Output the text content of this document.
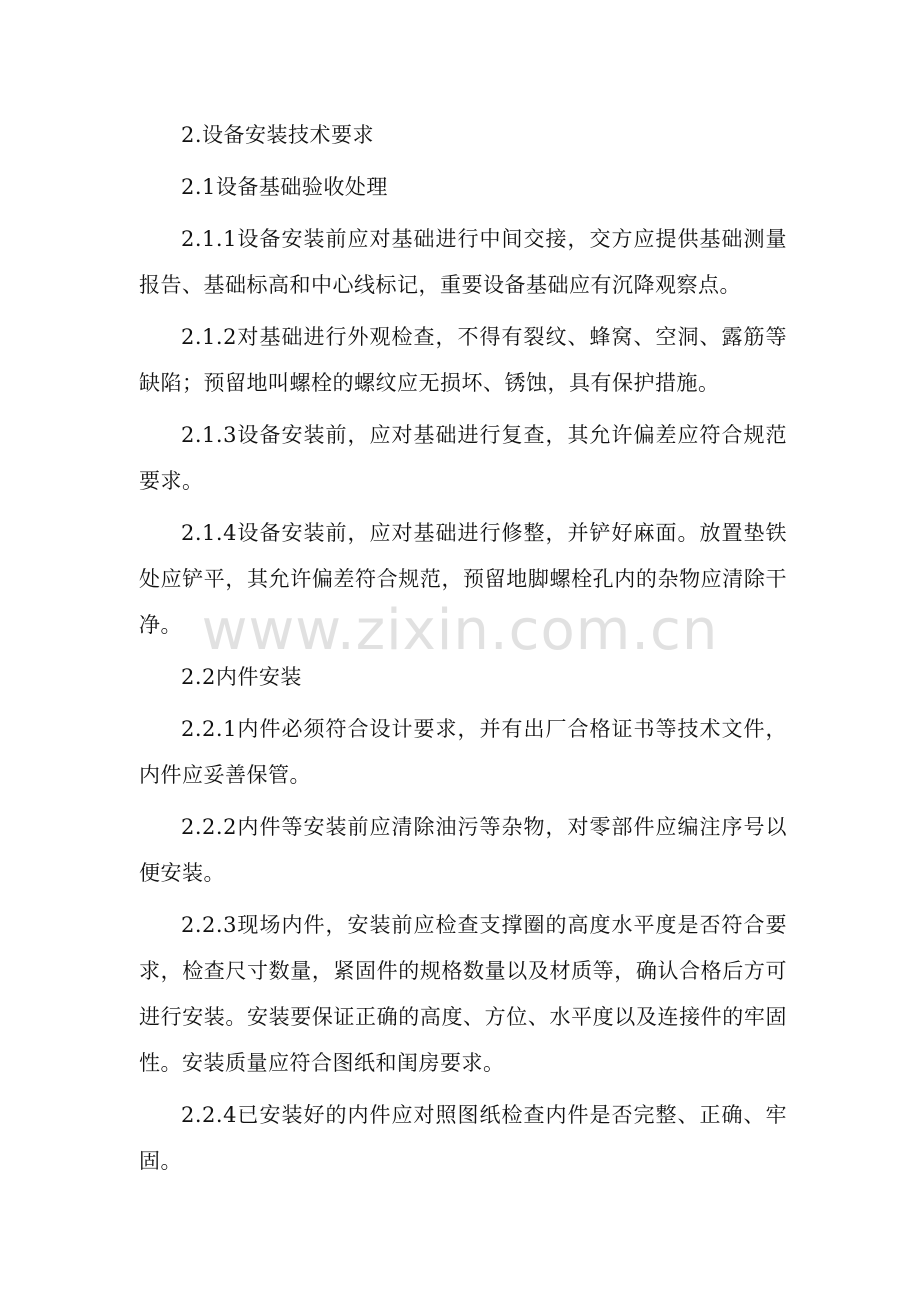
2.设备安装技术要求

2.1设备基础验收处理

2.1.1设备安装前应对基础进行中间交接，交方应提供基础测量报告、基础标高和中心线标记，重要设备基础应有沉降观察点。

2.1.2对基础进行外观检查，不得有裂纹、蜂窝、空洞、露筋等缺陷；预留地叫螺栓的螺纹应无损坏、锈蚀，具有保护措施。

2.1.3设备安装前，应对基础进行复查，其允许偏差应符合规范要求。

2.1.4设备安装前，应对基础进行修整，并铲好麻面。放置垫铁处应铲平，其允许偏差符合规范，预留地脚螺栓孔内的杂物应清除干净。

2.2内件安装

2.2.1内件必须符合设计要求，并有出厂合格证书等技术文件，内件应妥善保管。

2.2.2内件等安装前应清除油污等杂物，对零部件应编注序号以便安装。

2.2.3现场内件，安装前应检查支撑圈的高度水平度是否符合要求，检查尺寸数量，紧固件的规格数量以及材质等，确认合格后方可进行安装。安装要保证正确的高度、方位、水平度以及连接件的牢固性。安装质量应符合图纸和闺房要求。

2.2.4已安装好的内件应对照图纸检查内件是否完整、正确、牢固。

www.zixin.com.cn
